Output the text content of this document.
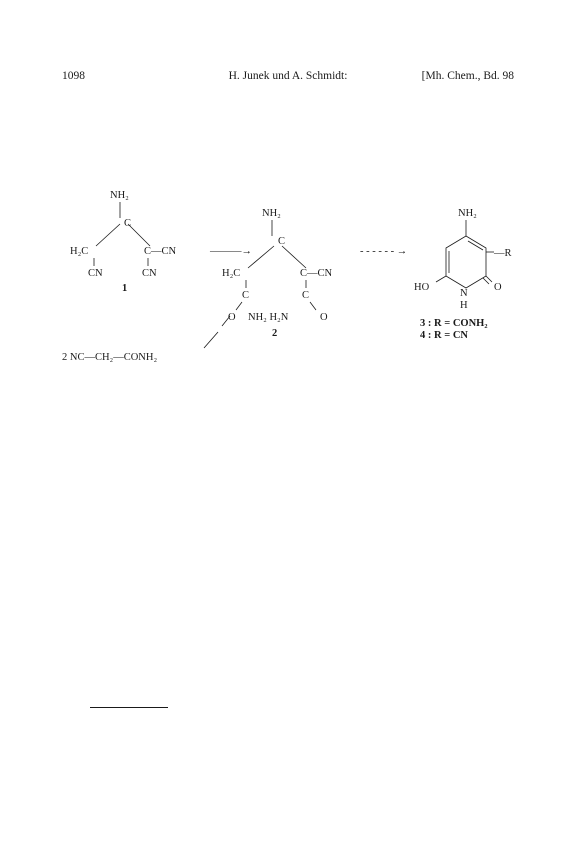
1098	H. Junek und A. Schmidt:	[Mh. Chem., Bd. 98
NH₂
C
H₂C	C—CN
CN	CN
1
———→
NH₂
C
H₂C	C—CN
C	C
O NH₂ H₂N	O
2
- - - - - - →
NH₂
—R
HO
N
H
O
3 : R = CONH₂
4 : R = CN
2 NC—CH₂—CONH₂
